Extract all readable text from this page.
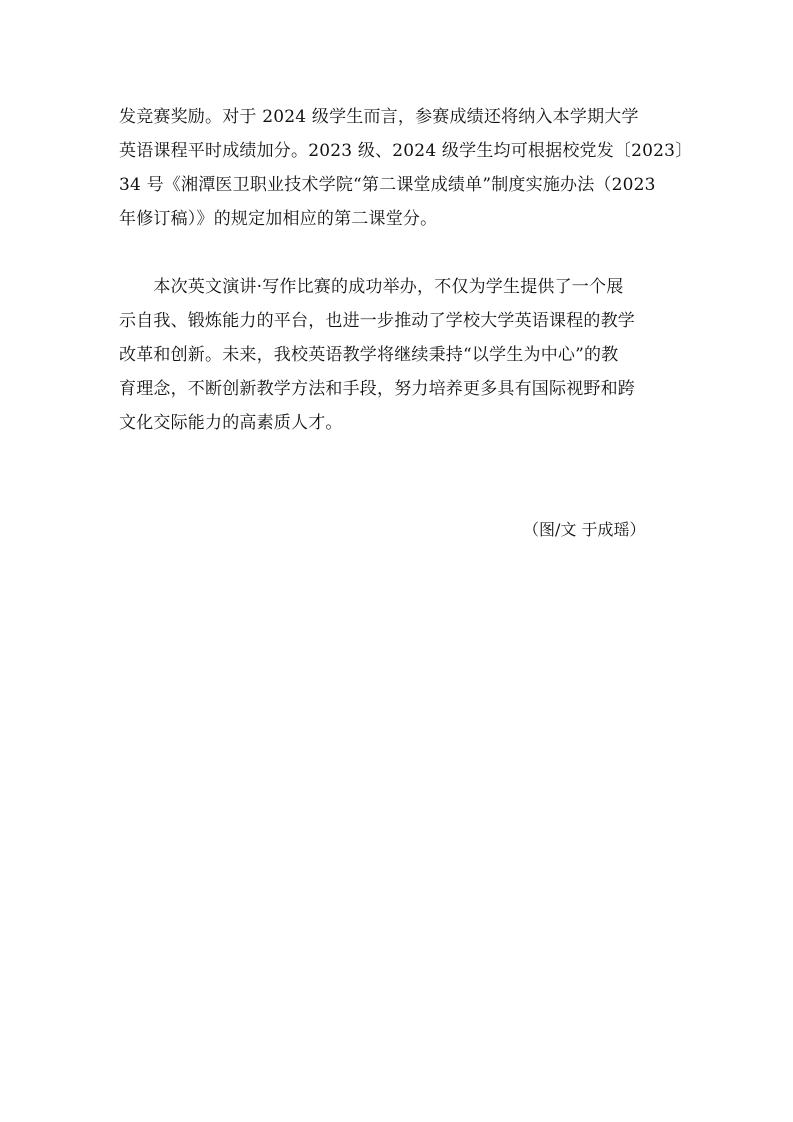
发竞赛奖励。对于 2024 级学生而言，参赛成绩还将纳入本学期大学
英语课程平时成绩加分。2023 级、2024 级学生均可根据校党发〔2023〕
34 号《湘潭医卫职业技术学院“第二课堂成绩单”制度实施办法（2023
年修订稿）》的规定加相应的第二课堂分。
　　本次英文演讲·写作比赛的成功举办，不仅为学生提供了一个展
示自我、锻炼能力的平台，也进一步推动了学校大学英语课程的教学
改革和创新。未来，我校英语教学将继续秉持“以学生为中心”的教
育理念，不断创新教学方法和手段，努力培养更多具有国际视野和跨
文化交际能力的高素质人才。

（图/文 于成瑶）
